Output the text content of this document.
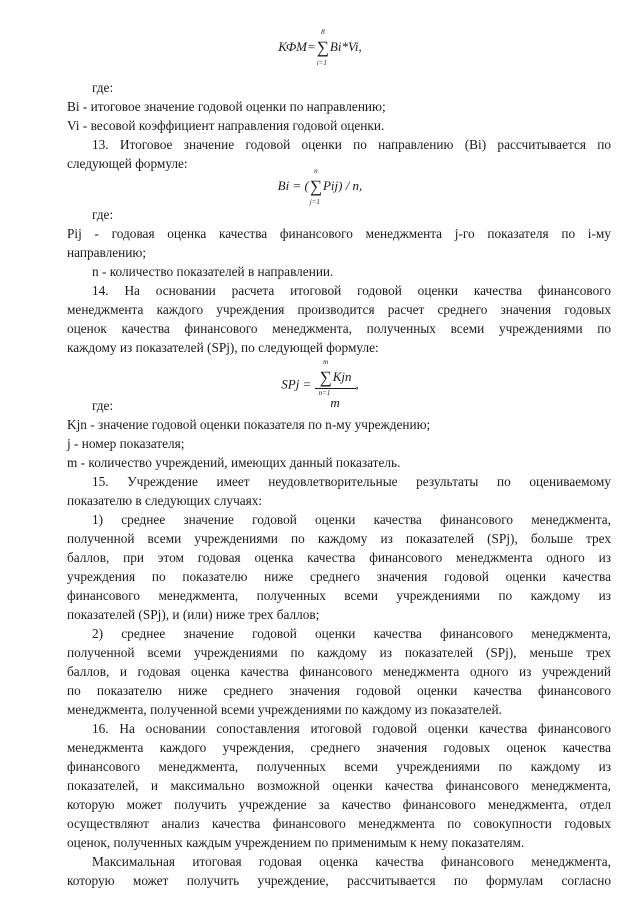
КФМ=∑
8
i=1
Bi*Vi,
где:
Bi - итоговое значение годовой оценки по направлению;
Vi - весовой коэффициент направления годовой оценки.
13. Итоговое значение годовой оценки по направлению (Bi) рассчитывается по
следующей формуле:
Bi = (∑
n
j=1
Pij) / n,
где:
Pij - годовая оценка качества финансового менеджмента j-го показателя по i-му
направлению;
n - количество показателей в направлении.
14. На основании расчета итоговой годовой оценки качества финансового
менеджмента каждого учреждения производится расчет среднего значения годовых
оценок качества финансового менеджмента, полученных всеми учреждениями по
каждому из показателей (SPj), по следующей формуле:
SPj = ∑
m
n=1
Kjn
m ,
где:
Kjn - значение годовой оценки показателя по n-му учреждению;
j - номер показателя;
m - количество учреждений, имеющих данный показатель.
15. Учреждение имеет неудовлетворительные результаты по оцениваемому
показателю в следующих случаях:
1) среднее значение годовой оценки качества финансового менеджмента,
полученной всеми учреждениями по каждому из показателей (SPj), больше трех
баллов, при этом годовая оценка качества финансового менеджмента одного из
учреждения по показателю ниже среднего значения годовой оценки качества
финансового менеджмента, полученных всеми учреждениями по каждому из
показателей (SPj), и (или) ниже трех баллов;
2) среднее значение годовой оценки качества финансового менеджмента,
полученной всеми учреждениями по каждому из показателей (SPj), меньше трех
баллов, и годовая оценка качества финансового менеджмента одного из учреждений
по показателю ниже среднего значения годовой оценки качества финансового
менеджмента, полученной всеми учреждениями по каждому из показателей.
16. На основании сопоставления итоговой годовой оценки качества финансового
менеджмента каждого учреждения, среднего значения годовых оценок качества
финансового менеджмента, полученных всеми учреждениями по каждому из
показателей, и максимально возможной оценки качества финансового менеджмента,
которую может получить учреждение за качество финансового менеджмента, отдел
осуществляют анализ качества финансового менеджмента по совокупности годовых
оценок, полученных каждым учреждением по применимым к нему показателям.
Максимальная итоговая годовая оценка качества финансового менеджмента,
которую может получить учреждение, рассчитывается по формулам согласно
